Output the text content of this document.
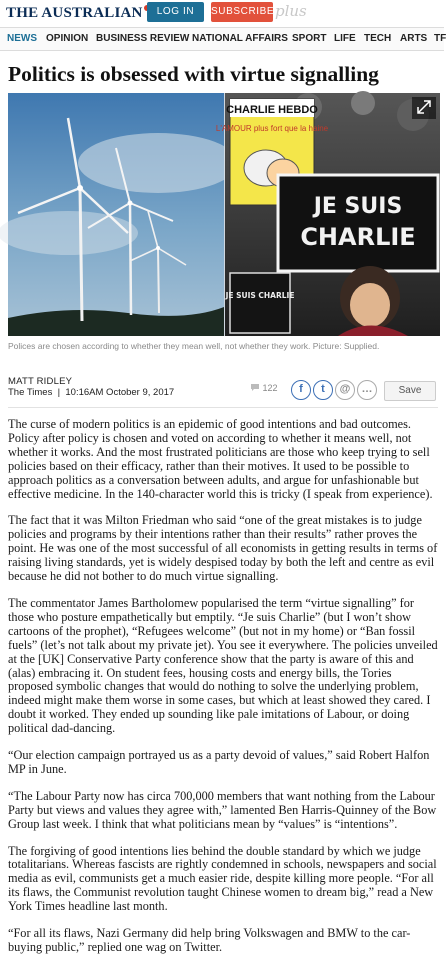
THE AUSTRALIAN	LOG IN	SUBSCRIBE plus
NEWS OPINION BUSINESS REVIEW NATIONAL AFFAIRS SPORT LIFE TECH ARTS TF
Politics is obsessed with virtue signalling
CHARLIE HEBDO
L'AMOUR plus fort que la haine
JE SUIS
CHARLIE
JE SUIS CHARLIE
Polices are chosen according to whether they mean well, not whether they work. Picture: Supplied.
MATT RIDLEY
The Times  |  10:16AM October 9, 2017	122	f	t	@	…	Save

The curse of modern politics is an epidemic of good intentions and bad outcomes. Policy after policy is chosen and voted on according to whether it means well, not whether it works. And the most frustrated politicians are those who keep trying to sell policies based on their efficacy, rather than their motives. It used to be possible to approach politics as a conversation between adults, and argue for unfashionable but effective medicine. In the 140-character world this is tricky (I speak from experience).

The fact that it was Milton Friedman who said “one of the great mistakes is to judge policies and programs by their intentions rather than their results” rather proves the point. He was one of the most successful of all economists in getting results in terms of raising living standards, yet is widely despised today by both the left and centre as evil because he did not bother to do much virtue signalling.

The commentator James Bartholomew popularised the term “virtue signalling” for those who posture empathetically but emptily. “Je suis Charlie” (but I won’t show cartoons of the prophet), “Refugees welcome” (but not in my home) or “Ban fossil fuels” (let’s not talk about my private jet). You see it everywhere. The policies unveiled at the [UK] Conservative Party conference show that the party is aware of this and (alas) embracing it. On student fees, housing costs and energy bills, the Tories proposed symbolic changes that would do nothing to solve the underlying problem, indeed might make them worse in some cases, but which at least showed they cared. I doubt it worked. They ended up sounding like pale imitations of Labour, or doing political dad-dancing.

“Our election campaign portrayed us as a party devoid of values,” said Robert Halfon MP in June.

“The Labour Party now has circa 700,000 members that want nothing from the Labour Party but views and values they agree with,” lamented Ben Harris-Quinney of the Bow Group last week. I think that what politicians mean by “values” is “intentions”.

The forgiving of good intentions lies behind the double standard by which we judge totalitarians. Whereas fascists are rightly condemned in schools, newspapers and social media as evil, communists get a much easier ride, despite killing more people. “For all its flaws, the Communist revolution taught Chinese women to dream big,” read a New York Times headline last month.

“For all its flaws, Nazi Germany did help bring Volkswagen and BMW to the car-buying public,” replied one wag on Twitter.
